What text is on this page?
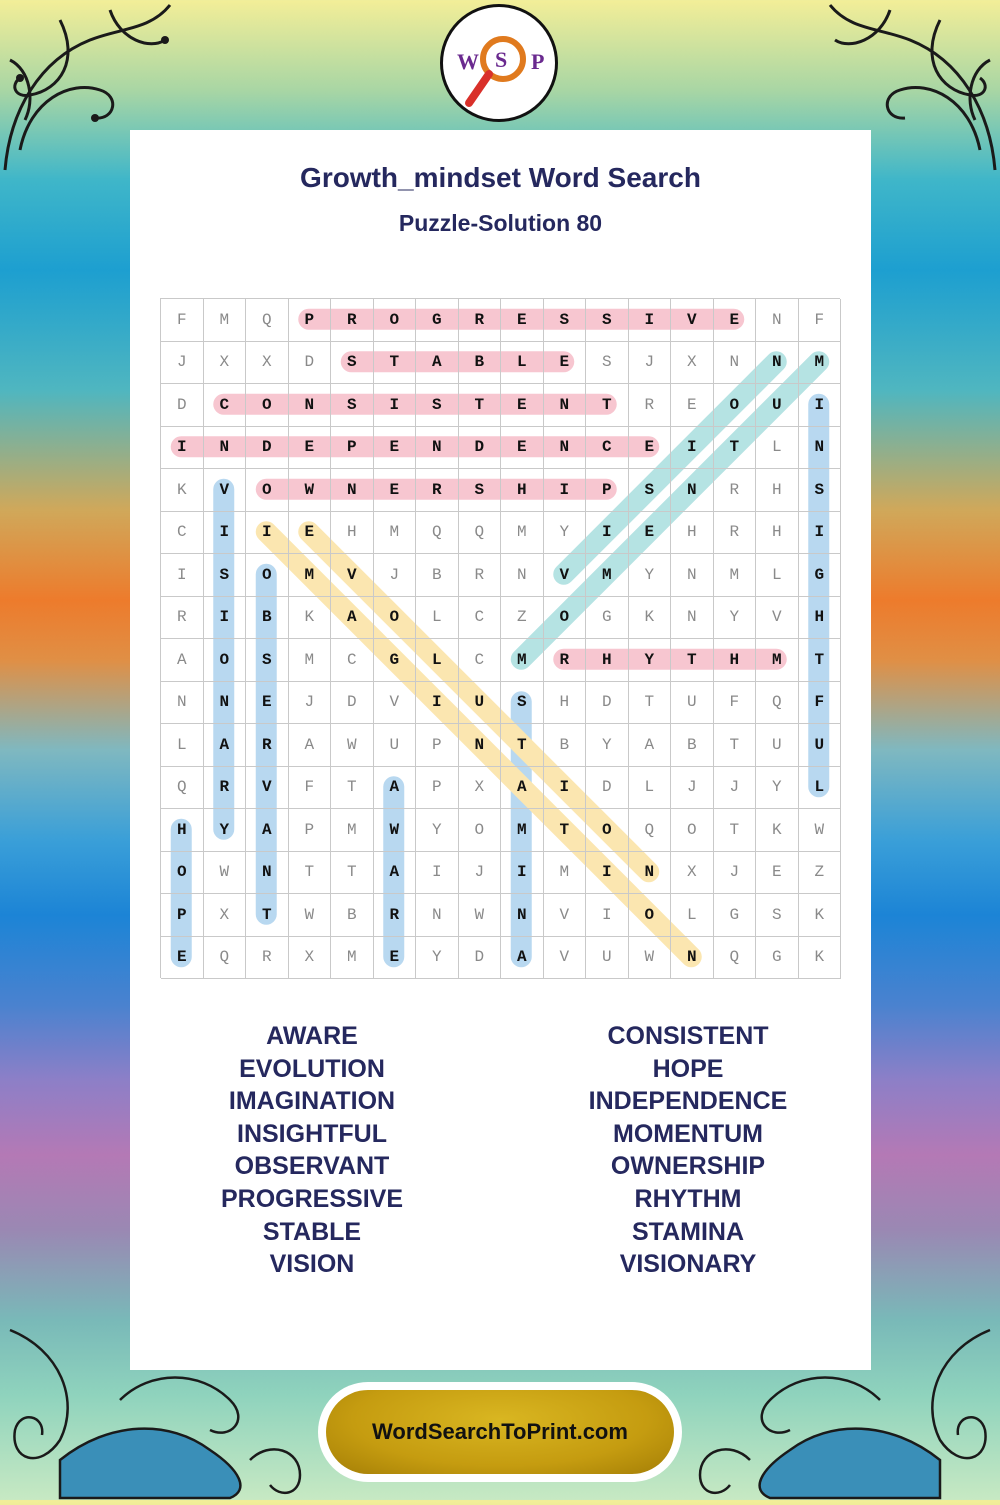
W S P
Growth_mindset Word Search
Puzzle-Solution 80
F	M	Q	P	R	O	G	R	E	S	S	I	V	E	N	F
J	X	X	D	S	T	A	B	L	E	S	J	X	N	N	M
D	C	O	N	S	I	S	T	E	N	T	R	E	O	U	I
I	N	D	E	P	E	N	D	E	N	C	E	I	T	L	N
K	V	O	W	N	E	R	S	H	I	P	S	N	R	H	S
C	I	I	E	H	M	Q	Q	M	Y	I	E	H	R	H	I
I	S	O	M	V	J	B	R	N	V	M	Y	N	M	L	G
R	I	B	K	A	O	L	C	Z	O	G	K	N	Y	V	H
A	O	S	M	C	G	L	C	M	R	H	Y	T	H	M	T
N	N	E	J	D	V	I	U	S	H	D	T	U	F	Q	F
L	A	R	A	W	U	P	N	T	B	Y	A	B	T	U	U
Q	R	V	F	T	A	P	X	A	I	D	L	J	J	Y	L
H	Y	A	P	M	W	Y	O	M	T	O	Q	O	T	K	W
O	W	N	T	T	A	I	J	I	M	I	N	X	J	E	Z
P	X	T	W	B	R	N	W	N	V	I	O	L	G	S	K
E	Q	R	X	M	E	Y	D	A	V	U	W	N	Q	G	K
AWARE
EVOLUTION
IMAGINATION
INSIGHTFUL
OBSERVANT
PROGRESSIVE
STABLE
VISION
CONSISTENT
HOPE
INDEPENDENCE
MOMENTUM
OWNERSHIP
RHYTHM
STAMINA
VISIONARY
WordSearchToPrint.com
